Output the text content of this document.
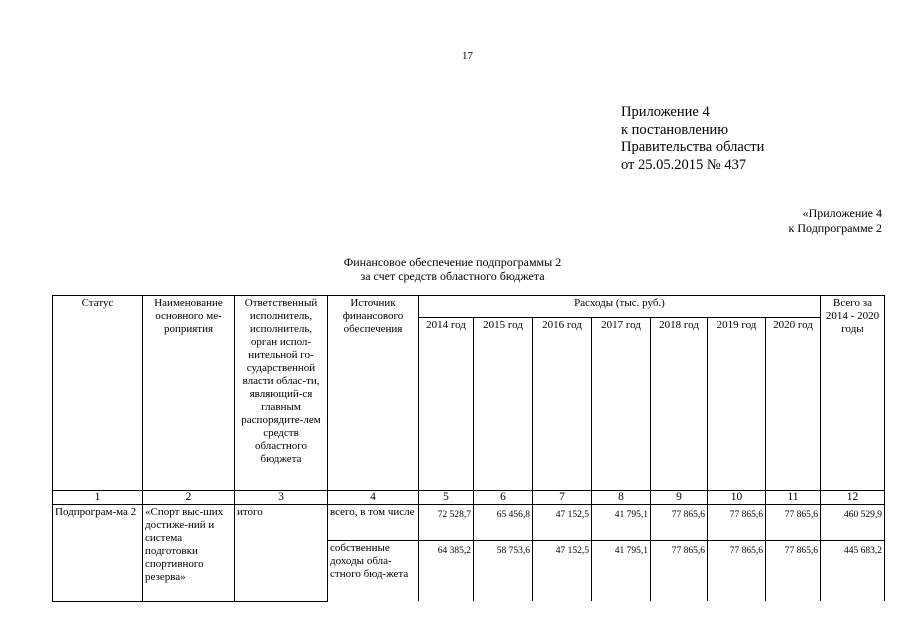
17
Приложение 4
к постановлению
Правительства области
от 25.05.2015 № 437
«Приложение 4
к Подпрограмме 2
Финансовое обеспечение подпрограммы 2
за счет средств областного бюджета
Статус	Наименование основного ме-роприятия	Ответственный исполнитель, исполнитель, орган испол-нительной го-сударственной власти облас-ти, являющий-ся главным распорядите-лем средств областного бюджета	Источник финансового обеспечения	Расходы (тыс. руб.)							Всего за 2014 - 2020 годы
				2014 год	2015 год	2016 год	2017 год	2018 год	2019 год	2020 год	
1	2	3	4	5	6	7	8	9	10	11	12
Подпрограм-ма 2	«Спорт выс-ших достиже-ний и система подготовки спортивного резерва»	итого	всего, в том числе	72 528,7	65 456,8	47 152,5	41 795,1	77 865,6	77 865,6	77 865,6	460 529,9
			собственные доходы обла-стного бюд-жета	64 385,2	58 753,6	47 152,5	41 795,1	77 865,6	77 865,6	77 865,6	445 683,2
